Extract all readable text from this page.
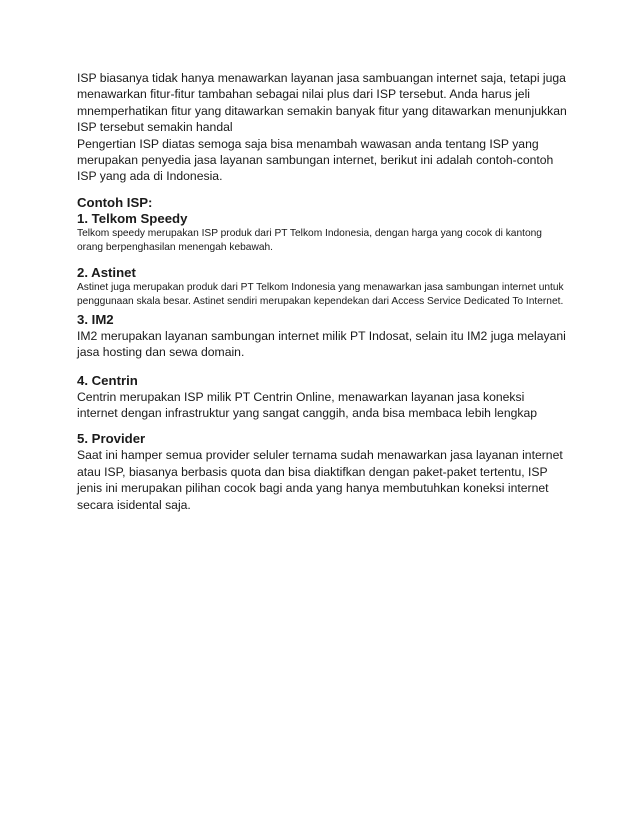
ISP biasanya tidak hanya menawarkan layanan jasa sambuangan internet saja, tetapi juga menawarkan fitur-fitur tambahan sebagai nilai plus dari ISP tersebut. Anda harus jeli mnemperhatikan fitur yang ditawarkan semakin banyak fitur yang ditawarkan menunjukkan ISP tersebut semakin handal

Pengertian ISP diatas semoga saja bisa menambah wawasan anda tentang ISP yang merupakan penyedia jasa layanan sambungan internet, berikut ini adalah contoh-contoh ISP yang ada di Indonesia.

Contoh ISP:

1. Telkom Speedy

Telkom speedy merupakan ISP produk dari PT Telkom Indonesia, dengan harga yang cocok di kantong orang berpenghasilan menengah kebawah.

2. Astinet

Astinet juga merupakan produk dari PT Telkom Indonesia yang menawarkan jasa sambungan internet untuk penggunaan skala besar. Astinet sendiri merupakan kependekan dari Access Service Dedicated To Internet.

3. IM2

IM2 merupakan layanan sambungan internet milik PT Indosat, selain itu IM2 juga melayani jasa hosting dan sewa domain.

4. Centrin

Centrin merupakan ISP milik PT Centrin Online, menawarkan layanan jasa koneksi internet dengan infrastruktur yang sangat canggih, anda bisa membaca lebih lengkap

5. Provider

Saat ini hamper semua provider seluler ternama sudah menawarkan jasa layanan internet atau ISP, biasanya berbasis quota dan bisa diaktifkan dengan paket-paket tertentu, ISP jenis ini merupakan pilihan cocok bagi anda yang hanya membutuhkan koneksi internet secara isidental saja.
